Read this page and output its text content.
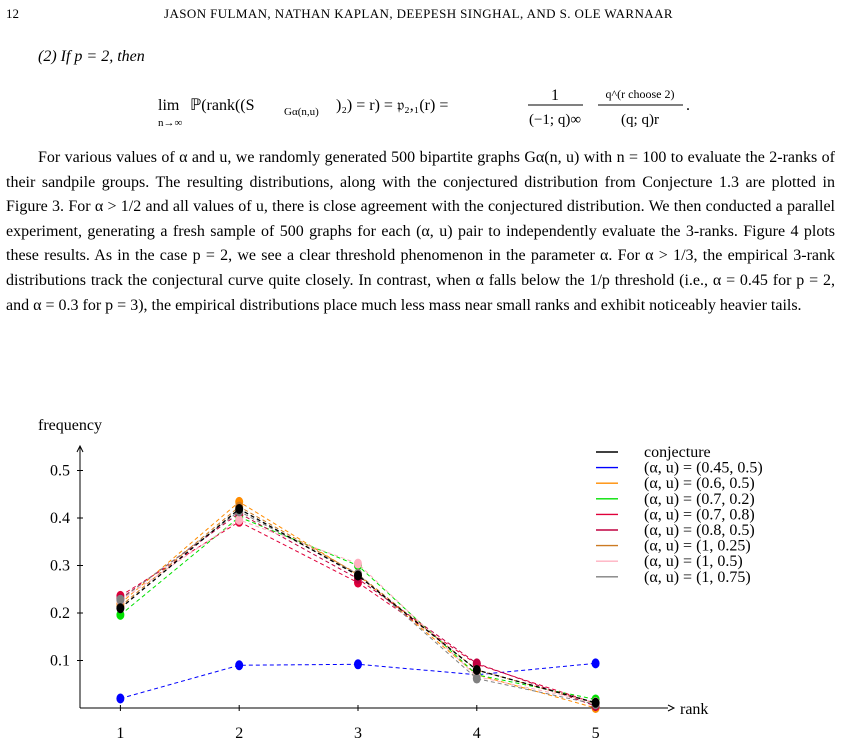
12	JASON FULMAN, NATHAN KAPLAN, DEEPESH SINGHAL, AND S. OLE WARNAAR
(2) If p = 2, then
lim
n→∞
ℙ(rank((S	Gα(n,u) )₂) = r) = 𝔭₂,₁(r) =
1
(−1; q)∞
q^(r choose 2)
(q; q)r
.

For various values of α and u, we randomly generated 500 bipartite graphs Gα(n, u) with n = 100 to evaluate the 2-ranks of their sandpile groups. The resulting distributions, along with the conjectured distribution from Conjecture 1.3 are plotted in Figure 3. For α > 1/2 and all values of u, there is close agreement with the conjectured distribution. We then conducted a parallel experiment, generating a fresh sample of 500 graphs for each (α, u) pair to independently evaluate the 3-ranks. Figure 4 plots these results. As in the case p = 2, we see a clear threshold phenomenon in the parameter α. For α > 1/3, the empirical 3-rank distributions track the conjectural curve quite closely. In contrast, when α falls below the 1/p threshold (i.e., α = 0.45 for p = 2, and α = 0.3 for p = 3), the empirical distributions place much less mass near small ranks and exhibit noticeably heavier tails.

frequency
rank
0.1
0.2
0.3
0.4
0.5
1	2	3	4	5
conjecture
(α, u) = (0.45, 0.5)
(α, u) = (0.6, 0.5)
(α, u) = (0.7, 0.2)
(α, u) = (0.7, 0.8)
(α, u) = (0.8, 0.5)
(α, u) = (1, 0.25)
(α, u) = (1, 0.5)
(α, u) = (1, 0.75)
